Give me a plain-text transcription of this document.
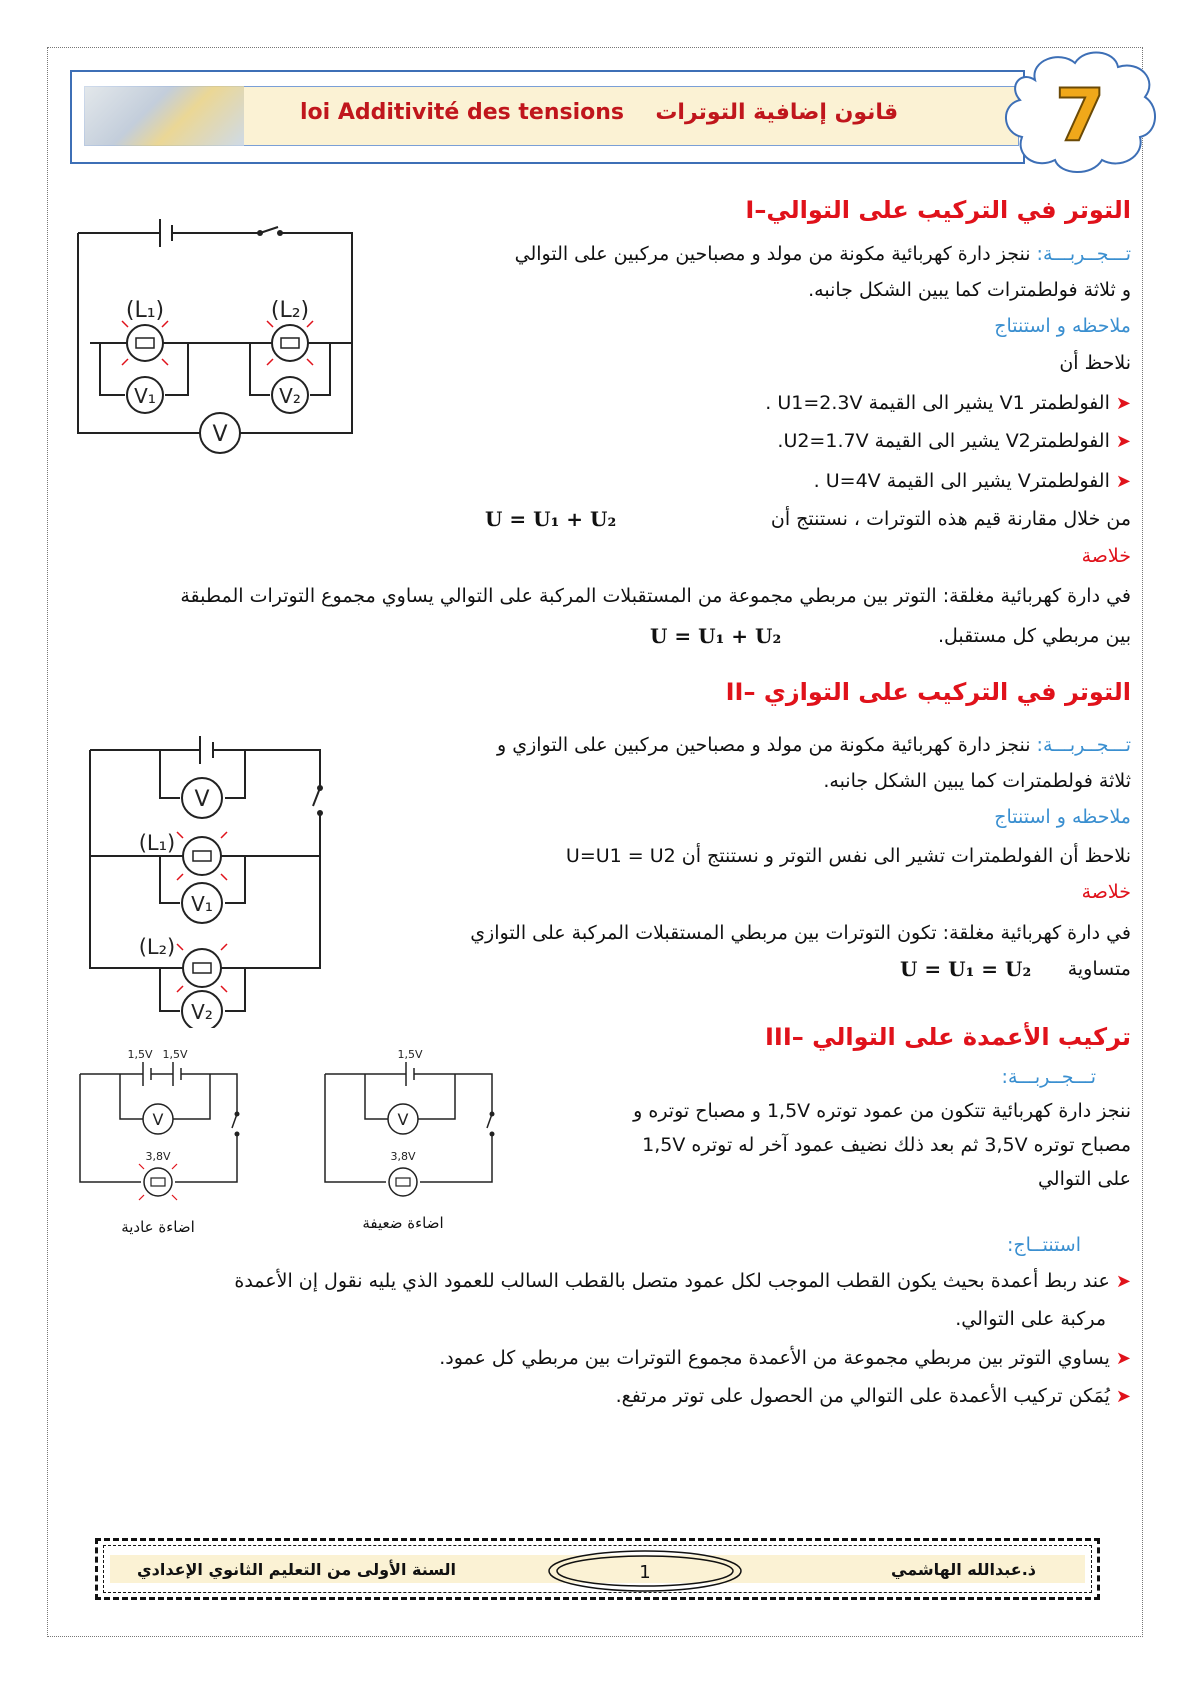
loi Additivité des tensions قانون إضافية التوترات 7
I–التوتر في التركيب على التوالي
تـــجــربـــة: ننجز دارة كهربائية مكونة من مولد و مصباحين مركبين على التوالي
و ثلاثة فولطمترات كما يبين الشكل جانبه.
ملاحظه و استنتاج
نلاحظ أن
➤ الفولطمتر V1 يشير الى القيمة U1=2.3V .
➤ الفولطمترV2 يشير الى القيمة U2=1.7V.
➤ الفولطمترV يشير الى القيمة U=4V .
من خلال مقارنة قيم هذه التوترات ، نستنتج أن
U = U₁ + U₂
خلاصة
في دارة كهربائية مغلقة: التوتر بين مربطي مجموعة من المستقبلات المركبة على التوالي يساوي مجموع التوترات المطبقة
بين مربطي كل مستقبل.
U = U₁ + U₂
(L₁)	(L₂)
V₁	V₂
V
II– التوتر في التركيب على التوازي
تـــجــربـــة: ننجز دارة كهربائية مكونة من مولد و مصباحين مركبين على التوازي و
ثلاثة فولطمترات كما يبين الشكل جانبه.
ملاحظه و استنتاج
نلاحظ أن الفولطمترات تشير الى نفس التوتر و نستنتج أن U=U1 = U2
خلاصة
في دارة كهربائية مغلقة: تكون التوترات بين مربطي المستقبلات المركبة على التوازي
متساوية
U = U₁ = U₂
V
(L₁)
V₁
(L₂)
V₂
III– تركيب الأعمدة على التوالي
تـــجــربـــة:
ننجز دارة كهربائية تتكون من عمود توتره 1,5V و مصباح توتره و
مصباح توتره 3,5V ثم بعد ذلك نضيف عمود آخر له توتره 1,5V
على التوالي
1,5V 1,5V
V
3,8V
اضاءة عادية
1,5V
V
3,8V
اضاءة ضعيفة
استنتــاج:
➤ عند ربط أعمدة بحيث يكون القطب الموجب لكل عمود متصل بالقطب السالب للعمود الذي يليه نقول إن الأعمدة
مركبة على التوالي.
➤ يساوي التوتر بين مربطي مجموعة من الأعمدة مجموع التوترات بين مربطي كل عمود.
➤ يُمَكن تركيب الأعمدة على التوالي من الحصول على توتر مرتفع.
ذ.عبدالله الهاشمي
1
السنة الأولى من التعليم الثانوي الإعدادي
